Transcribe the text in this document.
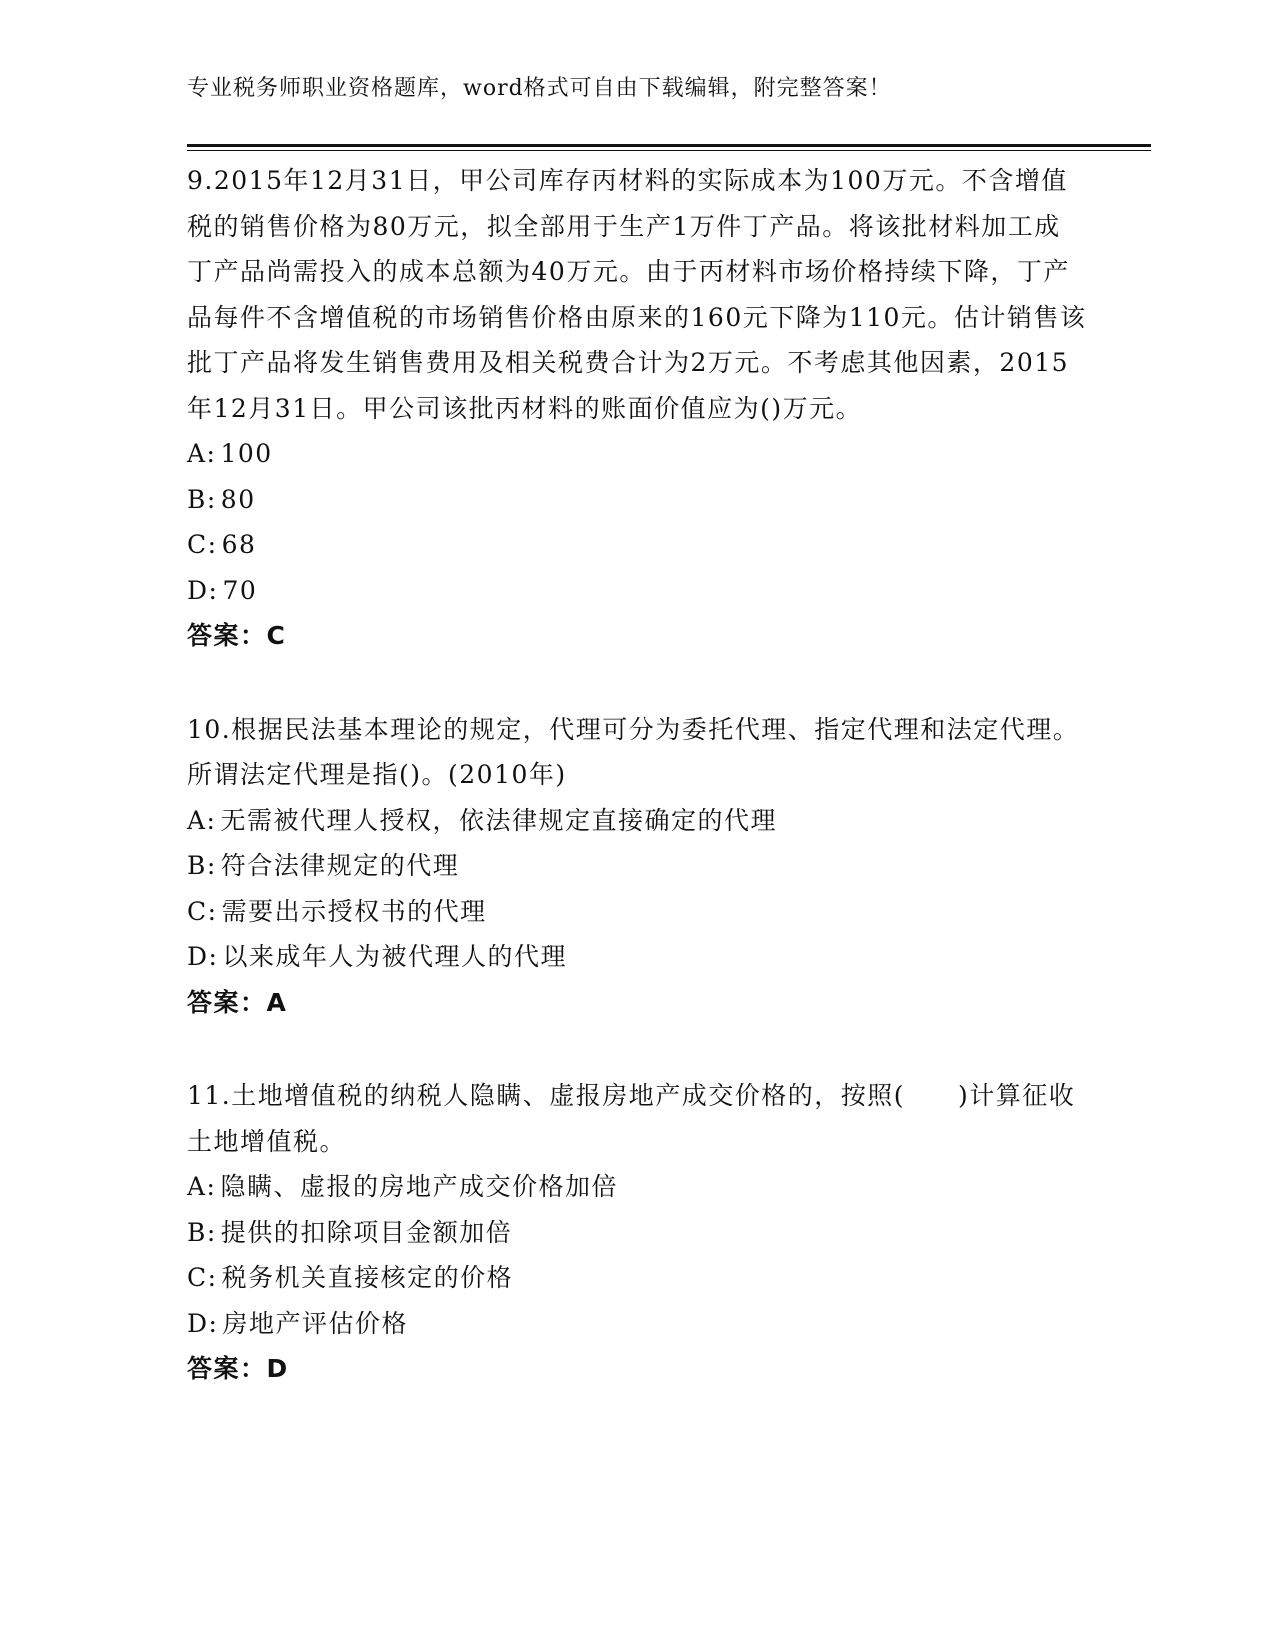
专业税务师职业资格题库，word格式可自由下载编辑，附完整答案！

9.2015年12月31日，甲公司库存丙材料的实际成本为100万元。不含增值税的销售价格为80万元，拟全部用于生产1万件丁产品。将该批材料加工成丁产品尚需投入的成本总额为40万元。由于丙材料市场价格持续下降，丁产品每件不含增值税的市场销售价格由原来的160元下降为110元。估计销售该批丁产品将发生销售费用及相关税费合计为2万元。不考虑其他因素，2015年12月31日。甲公司该批丙材料的账面价值应为()万元。

A: 100
B: 80
C: 68
D: 70
答案：C

10.根据民法基本理论的规定，代理可分为委托代理、指定代理和法定代理。所谓法定代理是指()。(2010年)

A: 无需被代理人授权，依法律规定直接确定的代理
B: 符合法律规定的代理
C: 需要出示授权书的代理
D: 以来成年人为被代理人的代理
答案：A

11.土地增值税的纳税人隐瞒、虚报房地产成交价格的，按照(　　)计算征收土地增值税。

A: 隐瞒、虚报的房地产成交价格加倍
B: 提供的扣除项目金额加倍
C: 税务机关直接核定的价格
D: 房地产评估价格
答案：D
